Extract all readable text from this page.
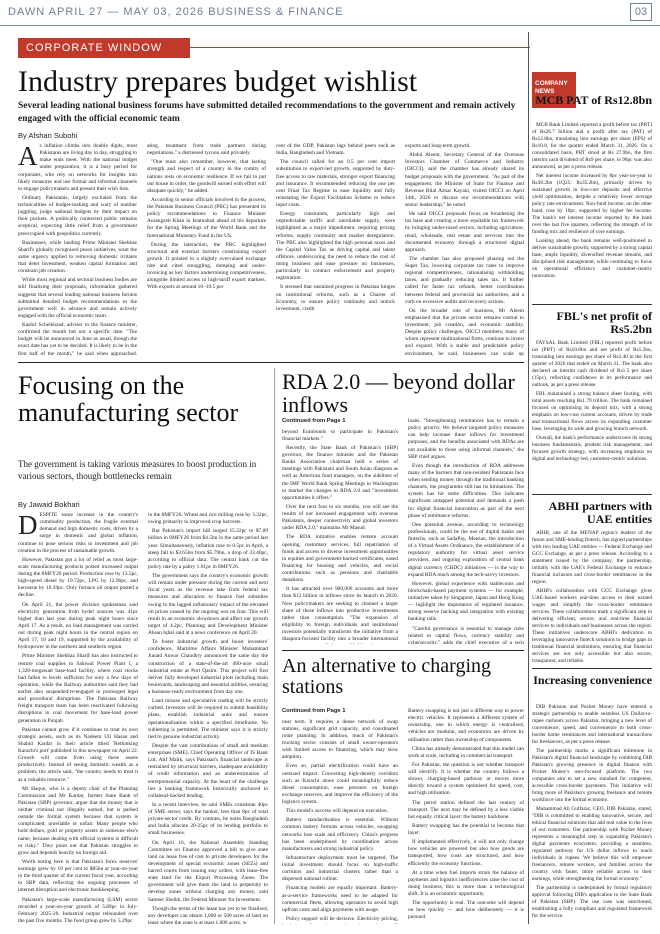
DAWN APRIL 27 — MAY 03, 2026 BUSINESS & FINANCE	03
CORPORATE WINDOW
Industry prepares budget wishlist

Several leading national business forums have submitted detailed recommendations to the government and remain actively engaged with the official economic team

By Afshan Subohi

As inflation climbs into double digits, most Pakistanis are living day to day, struggling to make ends meet. With the national budget under preparation, it is a busy period for corporates, who rely on networks for insights into likely measures and use formal and informal channels to engage policymakers and present their wish lists.

Ordinary Pakistanis, largely excluded from the technicalities of budget-making and wary of number juggling, judge national budgets by their impact on their pockets. A politically connected public remains sceptical, expecting little relief from a government preoccupied with geopolitics currently.

Businesses, while lauding Prime Minister Shehbaz Sharif's globally recognised peace initiatives, want the same urgency applied to removing domestic irritants that deter investment, weaken capital formation and constrain job creation.

While most regional and sectoral business bodies are still finalising their proposals, information gathered suggests that several leading national business forums submitted detailed budget recommendations to the government well in advance and remain actively engaged with the official economic team.

Kashif Scheikhzad, adviser to the finance minister, confirmed the month but not a specific date. "The budget will be announced in June as usual, though the exact date has yet to be decided. It is likely to be in the first half of the month," he said when approached.

ating, treatment from trade partners during negotiations," a distressed tycoon said privately.

"One must also remember, however, that lasting strength and respect of a country in the comity of nations rests on economic resilience. If we fail to put our house in order, the goodwill earned with effort will dissipate quickly," he added.

According to senior officials involved in the process, the Pakistan Business Council (PBC) has presented its policy recommendations to Finance Minister Aurangzeb Khan in Islamabad ahead of his departure for the Spring Meetings of the World Bank and the International Monetary Fund in the US.

During the interaction, the PBC highlighted structural and external barriers constraining export growth. It pointed to a slightly overvalued exchange rate and cited smuggling, dumping and under-invoicing as key factors undermining competitiveness, alongside limited access to high-tariff export markets. With exports at around 10–10.5 per

cent of the GDP, Pakistan lags behind peers such as India, Bangladesh and Vietnam.

The council called for an 0.5 per cent import substitution to export-led growth, supported by duty-free access to raw materials, stronger export financing and insurance. It recommended reducing the one per cent Final Tax Regime to ease liquidity and fully reinstating the Export Facilitation Scheme to reduce input costs.

Energy constraints, particularly high and unpredictable tariffs and unreliable supply, were highlighted as a major impediment, requiring pricing reforms, supply continuity and market deregulation. The PBC also highlighted the high personal taxes and the Capital Value Tax as driving capital and talent offshore, underscoring the need to reduce the cost of doing business and ease pressure on businesses, particularly in contract enforcement and property registration.

It stressed that sustained progress in Pakistan hinges on institutional reforms, such as a Charter of Economy, to ensure policy continuity and unlock investment, credit

exports and long-term growth.

Abdul Aleem, Secretary General of the Overseas Investors Chamber of Commerce and Industry (OICCI), said the chamber has already shared its budget proposals with the government. "As part of the engagement, the Minister of State for Finance and Revenue Bilal Azhar Kayani, visited OICCI on April 14th, 2026 to discuss our recommendations with senior leadership," he noted.

He said OICCI proposals focus on broadening the tax base and creating a more equitable tax framework by bringing under-taxed sectors, including agriculture, retail, wholesale, real estate and services into the documented economy through a structured digital approach.

The chamber has also proposed phasing out the Super Tax, lowering corporate tax rates to improve regional competitiveness, rationalising withholding taxes, and gradually reducing sales tax. It further called for faster tax refunds, better coordination between federal and provincial tax authorities, and a curb on excessive audits and recovery actions.

On the broader role of business, Mr Aleem emphasised that the private sector remains central to investment, job creation, and economic stability. Despite policy challenges, OICCI members, many of whom represent multinational firms, continue to invest and expand. With a stable and predictable policy environment, he said, businesses can scale up

Focusing on the manufacturing sector

The government is taking various measures to boost production in various sectors, though bottlenecks remain

By Jawaid Bokhari

DESPITE some increase in the country's commodity production, the fragile external demand and high domestic costs, driven by a surge in domestic and global inflation, continue to pose serious risks to investment and job creation in the process of sustainable growth.

However, Pakistan got a lot of relief as most large-scale manufacturing products posted increased output during the 8MFY26 period. Production rose by 13.5pc, high-speed diesel by 19.72pc, LPG by 12.96pc, and kerosene by 10.39pc. Only furnace oil output posted a decline.

On April 21, the power division spokesman said electricity generation from hydel sources was 41pc higher than last year during peak night hours since April 17. As a result, no load management was carried out during peak night hours in the central region on April 17, 18 and 19, supported by the availability of hydropower in the northern and southern region.

Prime Minister Shehbaz Sharif has also instructed to restore coal supplies to Sahiwal Power Plant 1, a 1,320-megawatt base-load facility, where coal stocks had fallen to levels sufficient for only a few days of operation, while the Railway authorities said they had earlier also suspended/re-engaged in prolonged legal and procedural disruptions. The Pakistan Railway freight transport team has been reactivated following disruptions in coal movement for base-load power generation in Punjab.

Pakistan cannot grow if it continues to treat its own strategic assets, such as its Nadeem Uli Hasan and Shahid Kardar in their article titled 'Rethinking Karachi's port' published in this newspaper on April 22. Growth will come from using these assets productively. Instead of seeing domestic wealth as a problem, the article said, "the country needs to treat it as a valuable resource."

Mr Haque, who is a deputy chair of the Planning Commission and Mr Kardar, former State Bank of Pakistan (SBP) governor, argue that the money that is neither criminal nor illegally earned, but is parked outside the formal system because that system is complicated, unreliable or unfair. Many people who hold dollars, gold or property assets in someone else's name, because dealing with official systems is difficult or risky." They point out that Pakistan struggles to grow and depends heavily on foreign aid.

Worth noting here is that Pakistan's forex reserves' earnings grew by 10 per cent to $85bn at year-on-year in the third quarter of the current fiscal year, according to SBP data, reflecting the ongoing processes of internet disruption and electronic bookkeeping.

Pakistan's large-scale manufacturing (LSM) sector recorded a year-on-year growth of 5.89pc in July-February 2025-26. Industrial output rebounded over the past five months. The food group grew by 5.29pc

in the 8MFY26. Wheat and rice milling rose by 3.32pc, owing primarily to improved crop harvests.

But Pakistan's import bill surged 15.22pc to $7.09 billion in 8MFY26 from $4.5bn in the same period last year. Simultaneously, inflation rose to 0.5pc in April, a steep fall to $3.65bn from $5.79bn, a drop of 33.40pc, according to official data. The central bank cut the policy rate by a paltry 1.61pc in 8MFY26.

The government says the country's economic growth will remain under pressure during the current and next fiscal years as the revenue take from federal tax measures and allocation to finance fuel subsidies owing to the lagged inflationary impact of the elevated oil prices caused by the ongoing war on Iran. This will result in an economic slowdown and affect our growth target of 4.2pc, Planning and Development Minister Ahsan Iqbal said at a news conference on April 20.

To foster industrial growth and boost investors' confidence, Maritime Affairs Minister Muhammad Junaid Anwar Chaudhry announced the same day the construction of a state-of-the-art 400-acre small industrial estate at Port Qasim. This project will first deliver fully developed industrial plots including main boulevards, landscaping and essential utilities, ensuring a business-ready environment from day one.

Land misuse and speculative trading will be strictly curbed. Investors will be required to submit feasibility plans, establish industrial units and ensure operationalisation within a specified timeframe. No subletting is permitted. The minister says it is strictly tied to genuine industrial activity.

Despite the vast contributions of small and medium enterprises (SME), Chief Operating Officer of JS Bank Ltd, Atif Malik, says Pakistan's financial landscape is restrained by structural barriers, inadequate availability of credit information and an underestimation of entrepreneurial capacity. At the heart of the challenge lies a banking framework historically anchored in collateral-backed lending.

In a recent interview, he said SMEs constitute 40pc of SME sector, says the banker, less than 8pc of total private-sector credit. By contrast, he notes Bangladesh and India allocate 20-25pc of its lending portfolio to small businesses.

On April 16, the National Assembly Standing Committee on Finance approved a bill to give state land on lease free of cost to private developers for the development of special economic zones (SEZs) and barred courts from issuing stay orders, with lease-free state land for the Export Processing Zones. The government will give them the land in perpetuity to develop zones without charging any money, said Sameer Sheikh, the Federal Minister for Investment.

Though the terms of the lease has yet to be finalised, any developer can obtain 1,000 or 500 acres of land on lease where the zone is at least 1,000 acres, w

RDA 2.0 — beyond dollar inflows
Continued from Page 1

beyond Eurobonds to participate in Pakistan's financial markets."

Recently, the State Bank of Pakistan's (SBP) governor, the finance minister and the Pakistan Banks Association chairman held a series of meetings with Pakistani and South Asian diaspora as well as American fund managers, on the sidelines of the IMF World Bank Spring Meetings in Washington to market the changes to RDA 2.0 and "investment opportunities it offers."

Over the next four to six months, you will see the results of our increased engagement with overseas Pakistanis, deeper connectivity and global investors under RDA 2.0," maintains Mr Masud.

The RDA initiative enables remote account opening, customary services, full repatriation of funds and access to diverse investment opportunities in equities and government-backed certificates, eased financing for housing and vehicles, and social contributions such as pensions and charitable donations.

It has attracted over 900,000 accounts and more than $12 billion in inflows since its launch in 2020. Now policymakers are seeking to channel a larger share of these inflows into productive investments rather than consumption. "The expansion of eligibility to foreign individuals and institutional investors potentially transforms the initiative from a diaspora-focused facility into a broader international

loans. "Strengthening remittances has to remain a policy priority. We believe targeted policy measures can help increase these inflows for investment purposes, and the benefits associated with RDAs are not available to those using informal channels," the SBP chief argues.

Even though the introduction of RDA addresses many of the barriers that non-resident Pakistanis face when sending money through the traditional banking channels, the programme still has its limitations. The system has hit some difficulties. This indicates significant untapped potential and demands a push for digital financial innovation as part of the next phase of remittance reforms.

One potential avenue, according to technology professionals, could be the use of digital banks and fintechs, such as SadaPay, Meezan, the introduction of a Virtual Assets Ordinance, the establishment of a regulatory authority for virtual asset service providers, and ongoing exploration of central bank digital currency (CBDC) initiatives — is the way to expand RDA reach among the tech-savvy investors.

However, global experience with stablecoins and blockchain-based payment systems — for example, initiatives taken by Singapore, Japan and Hong Kong — highlight the importance of regulated issuance, strong reserve backing and integration with existing banking rails.

"Careful governance is essential to manage risks related to capital flows, currency stability and cybersecurity," adds the chief executive of a tech

An alternative to charging stations
Continued from Page 1

near term. It requires a dense network of swap stations, significant grid capacity, and coordinated route planning. In addition, much of Pakistan's trucking sector consists of small owner-operators with limited access to financing, which may slow adoption.

Even so, partial electrification could have an outsized impact. Converting high-density corridors such as Karachi alone could meaningfully reduce diesel consumption, ease pressure on foreign exchange reserves, and improve the efficiency of the logistics system.

This model's success will depend on execution.

Battery standardisation is essential. Without common battery formats across vehicles, swapping networks lose scale and efficiency. China's progress has been underpinned by coordination across manufacturers and strong industrial policy.

Infrastructure deployment must be targeted. The initial investment should focus on high-traffic corridors and industrial clusters rather than a dispersed national rollout.

Financing models are equally important. Battery-as-a-service frameworks need to be adapted for commercial fleets, allowing operators to avoid high upfront costs and align payments with usage.

Policy support will be decisive. Electricity pricing,

Battery swapping is not just a different way to power electric vehicles. It represents a different system of ownership, one in which energy is centralised, vehicles are modular, and economics are driven by utilisation rather than ownership of components.

China has already demonstrated that this model can work at scale, including in commercial transport.

For Pakistan, the question is not whether transport will electrify. It is whether the country follows a slower, charging-based pathway or moves more directly toward a system optimised for speed, cost, and high utilisation.

The petrol station defined the last century of transport. The next may be defined by a less visible but equally critical layer: the battery backbone.

Battery swapping has the potential to become that layer.

If implemented effectively, it will not only change how vehicles are powered but also how goods are transported, how costs are structured, and how efficiently the economy functions.

At a time when fuel imports strain the balance of payments and logistics inefficiencies raise the cost of doing business, this is more than a technological shift. It is an economic opportunity.

The opportunity is real. The outcome will depend on how quickly — and how deliberately — it is pursued.

COMPANY NEWS
MCB PAT of Rs12.8bn

MCB Bank Limited reported a profit before tax (PBT) of Rs26.7 billion and a profit after tax (PAT) of Rs12.8bn, translating into earnings per share (EPS) of Rs10.8, for the quarter ended March 31, 2026. On a consolidated basis, PBT stood at Rs 27.9bn, the first interim cash dividend of Rs9 per share, ie 90pc was also announced, as per a press release.

Net interest income increased by 8pc year-on-year to Rs38.2bn (1Q25: Rs35.2bn), primarily driven by sustained growth in low-cost deposits and effective yield optimisation, despite a relatively lower average policy rate environment. Non-fund income, on the other hand, rose by 10pc, supported by higher fee income. The bank's net interest income reported by the bank over the last five quarters, reflecting the strength of its funding mix and resilience of core earnings.

Looking ahead, the bank remains well-positioned to deliver sustainable growth, supported by a strong capital base, ample liquidity, diversified revenue streams, and disciplined risk management, while continuing to focus on operational efficiency and customer-centric innovation.

FBL's net profit of Rs5.2bn

FAYSAL Bank Limited (FBL) reported profit before tax (PBT) of Rs10.8bn and net profit of Rs5.2bn, translating into earnings per share of Rs3.40 in the first quarter of 2026 that ended on March 31. The bank also declared an interim cash dividend of Rs1.5 per share (15pc), reflecting confidence in its performance and outlook, as per a press release.

FBL maintained a strong balance sheet footing, with total assets reaching Rs1.79 trillion. The bank remained focused on optimising its deposit mix, with a strong emphasis on low-cost current accounts, driven by trade and transactional flows across its expanding customer base, leveraging its wide and growing branch network.

Overall, the bank's performance underscores its strong business fundamentals, prudent risk management, and focused growth strategy, with increasing emphasis on digital and technology-led, customer-centric solutions.

ABHI partners with UAE entities

ABHI, one of the MENAP region's leaders of the future and SME-lending fintech, has signed partnerships with two leading UAE entities — Federal Exchange and GCC Exchange, as per a press release. According to a statement issued by the company, the partnership, initially with the UAE's Federal Exchange to enhance financial inclusion and cross-border remittances in the region.

ABHI's collaboration with GCC Exchange gives UAE-based workers real-time access to their earned wages and simplify the cross-border remittance services. These collaborations mark a significant step in delivering efficient, secure, and real-time financial services to individuals and businesses across the region. These initiatives underscore ABHI's dedication to leveraging innovative fintech solutions to bridge gaps in traditional financial institutions, ensuring that financial services are not only accessible but also secure, transparent, and reliable.

Increasing convenience

DIB Pakistan and Pocket Money have entered a strategic partnership to enable seamless US Dollar-to-rupee cashouts across Pakistan, bringing a new level of convenience, speed, and convenience to both cross-border home remittances and international transactions for freelancers, as per a press release.

The partnership marks a significant milestone in Pakistan's digital financial landscape by combining DIB Pakistan's growing presence in digital finance with Pocket Money's user-focused platform. The two companies aim to set a new standard for competent, accessible cross-border payments. This initiative will bring more of Pakistan's growing freelance and remote workforce into the formal economy.

Muhammad Ali Gulfaraz, CEO, DIB Pakistan, stated, "DIB is committed to enabling innovative, secure, and ethical financial solutions that add real value to the lives of our customers. Our partnership with Pocket Money represents a meaningful step in expanding Pakistan's digital payments ecosystem, providing a seamless, regulated pathway for US dollar inflows to reach individuals in rupees. We believe this will empower freelancers, remote workers, and families across the country with faster, more reliable access to their earnings, while strengthening the formal economy."

The partnership is underpinned by formal regulatory approval following DIB's application to the State Bank of Pakistan (SBP). The use case was sanctioned, establishing a fully compliant and regulated framework for the service.
